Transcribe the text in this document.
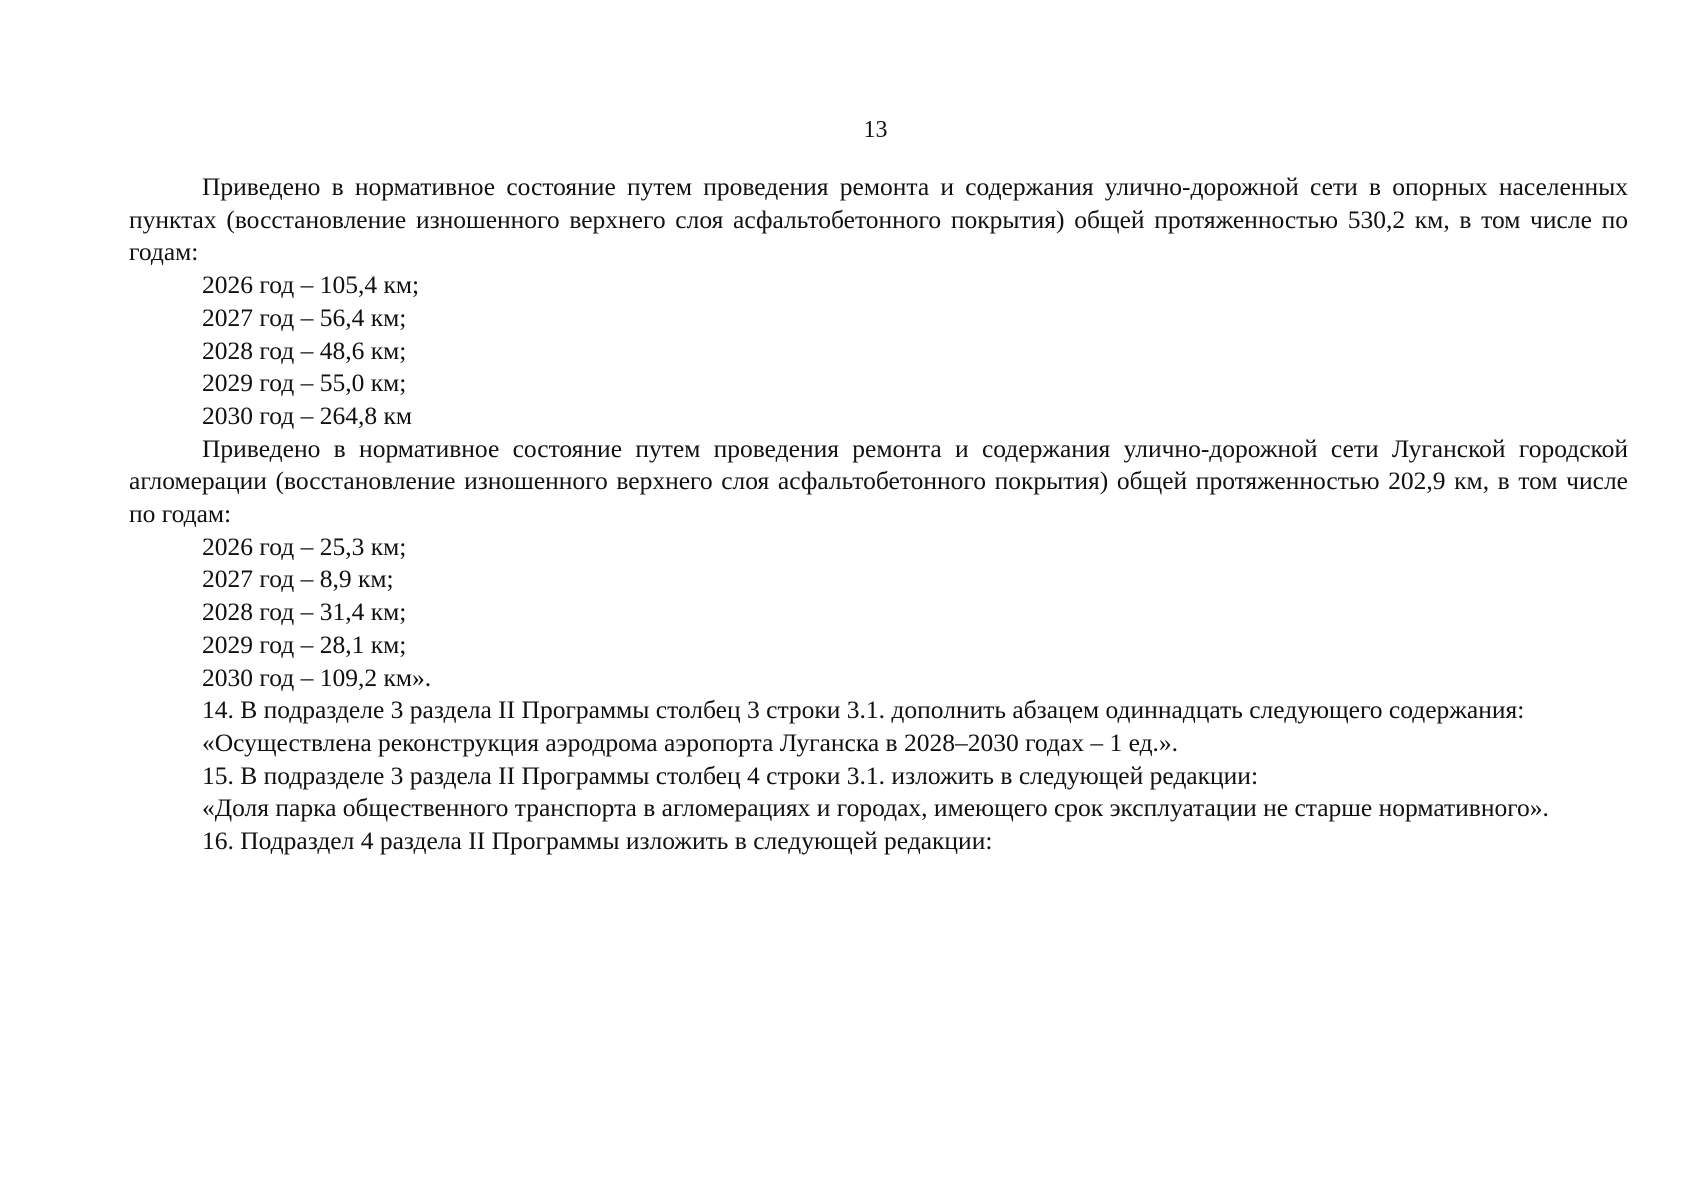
13

Приведено в нормативное состояние путем проведения ремонта и содержания улично-дорожной сети в опорных населенных пунктах (восстановление изношенного верхнего слоя асфальтобетонного покрытия) общей протяженностью 530,2 км, в том числе по годам:

2026 год – 105,4 км;

2027 год – 56,4 км;

2028 год – 48,6 км;

2029 год – 55,0 км;

2030 год – 264,8 км

Приведено в нормативное состояние путем проведения ремонта и содержания улично-дорожной сети Луганской городской агломерации (восстановление изношенного верхнего слоя асфальтобетонного покрытия) общей протяженностью 202,9 км, в том числе по годам:

2026 год – 25,3 км;

2027 год – 8,9 км;

2028 год – 31,4 км;

2029 год – 28,1 км;

2030 год – 109,2 км».

14. В подразделе 3 раздела II Программы столбец 3 строки 3.1. дополнить абзацем одиннадцать следующего содержания:

«Осуществлена реконструкция аэродрома аэропорта Луганска в 2028–2030 годах – 1 ед.».

15. В подразделе 3 раздела II Программы столбец 4 строки 3.1. изложить в следующей редакции:

«Доля парка общественного транспорта в агломерациях и городах, имеющего срок эксплуатации не старше нормативного».

16. Подраздел 4 раздела II Программы изложить в следующей редакции:
